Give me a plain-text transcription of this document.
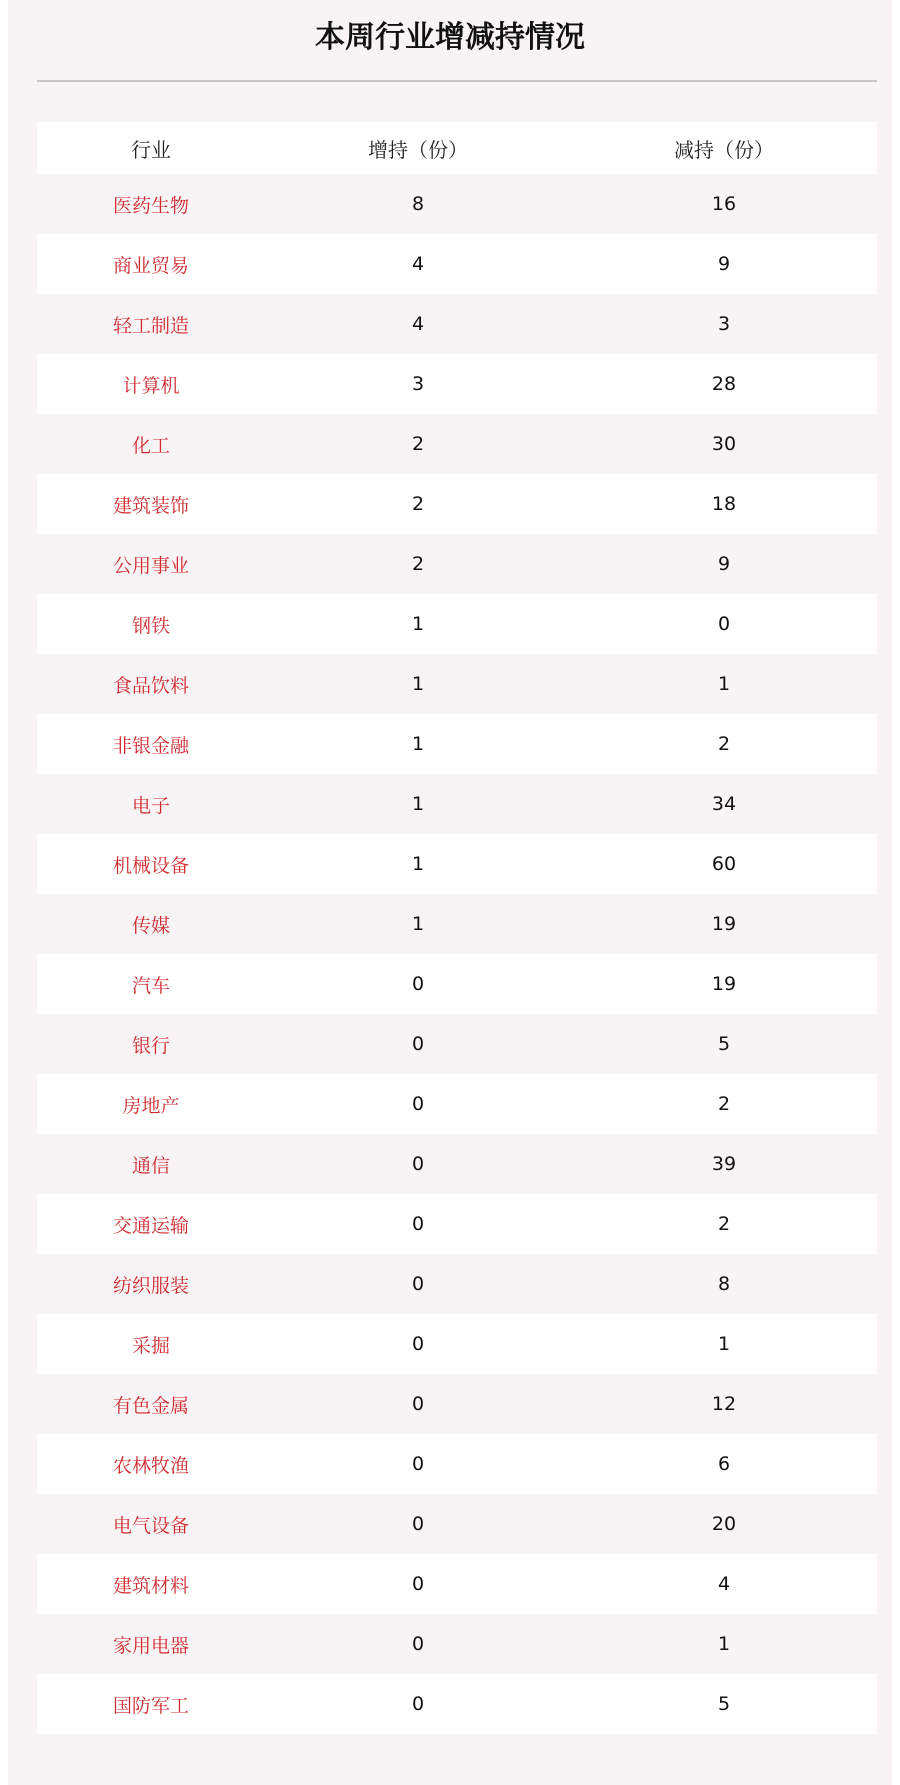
本周行业增减持情况
行业	增持（份）	减持（份）
医药生物	8	16
商业贸易	4	9
轻工制造	4	3
计算机	3	28
化工	2	30
建筑装饰	2	18
公用事业	2	9
钢铁	1	0
食品饮料	1	1
非银金融	1	2
电子	1	34
机械设备	1	60
传媒	1	19
汽车	0	19
银行	0	5
房地产	0	2
通信	0	39
交通运输	0	2
纺织服装	0	8
采掘	0	1
有色金属	0	12
农林牧渔	0	6
电气设备	0	20
建筑材料	0	4
家用电器	0	1
国防军工	0	5
